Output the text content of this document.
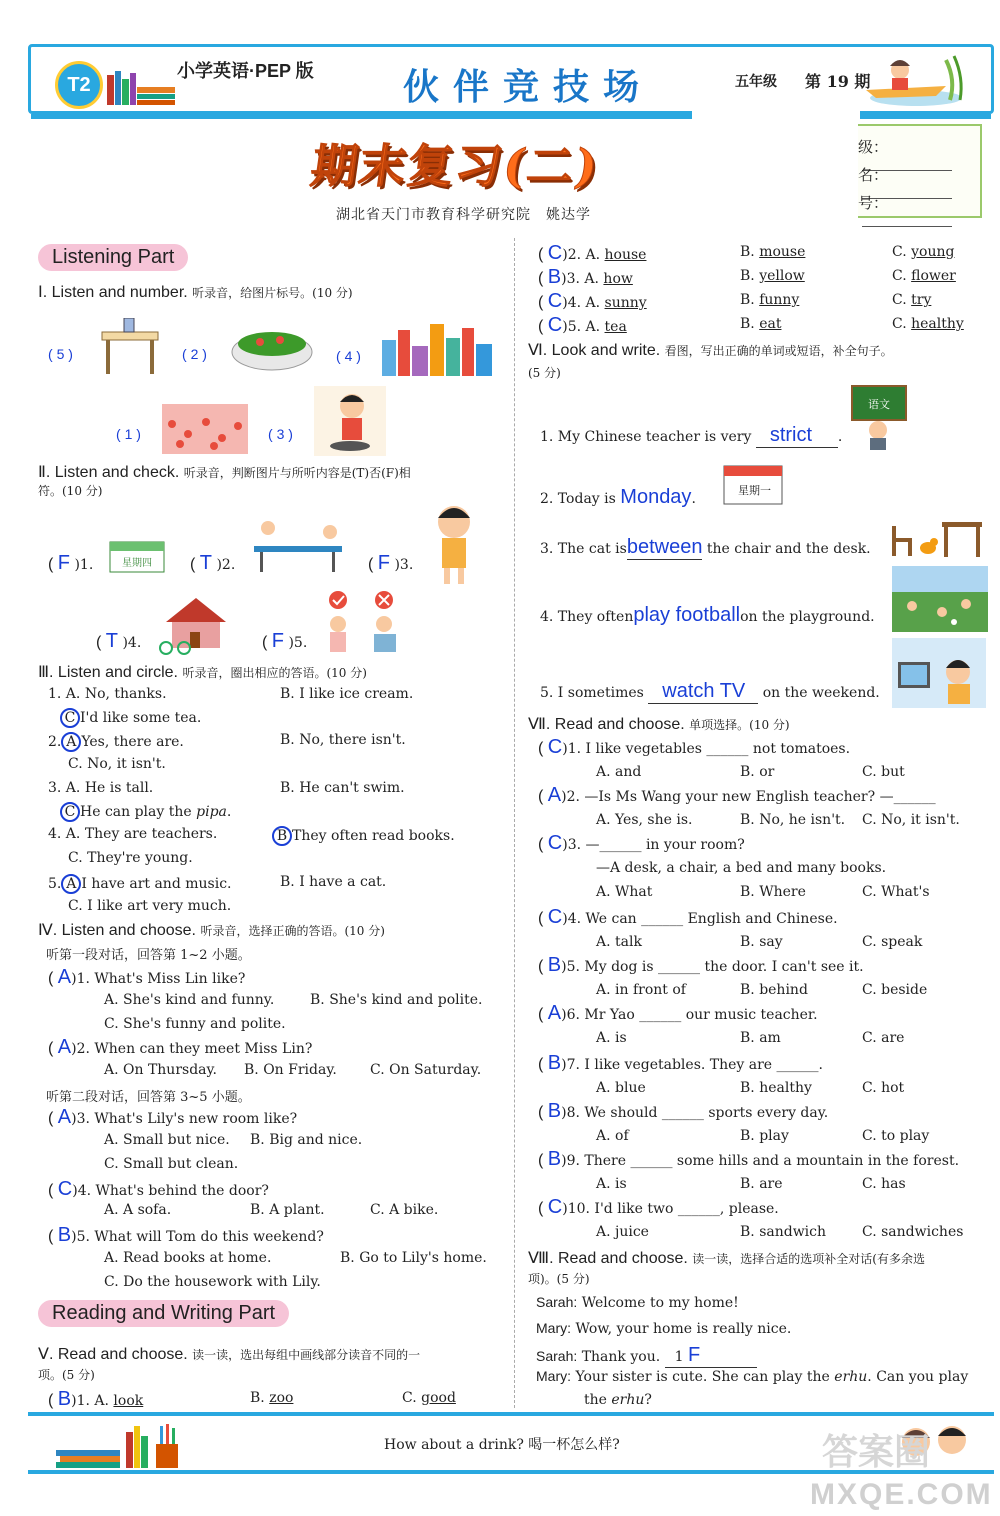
T2
小学英语·PEP 版 伙伴竞技场	五年级 第 19 期
期末复习(二)
湖北省天门市教育科学研究院　姚达学
级：
名：
号：
Listening Part
Ⅰ. Listen and number. 听录音，给图片标号。(10 分)
( 5 )	( 2 )	( 4 )
( 1 )	( 3 )
Ⅱ. Listen and check. 听录音，判断图片与所听内容是(T)否(F)相
符。(10 分)
( F )1.	星期四 ( T )2.	( F )3.
( T )4.	( F )5.
Ⅲ. Listen and circle. 听录音，圈出相应的答语。(10 分)
1. A. No, thanks.	B. I like ice cream.
C I'd like some tea.
2. A Yes, there are.	B. No, there isn't.
C. No, it isn't.
3. A. He is tall.	B. He can't swim.
C He can play the pipa.
4. A. They are teachers.	B They often read books.
C. They're young.
5. A I have art and music.	B. I have a cat.
C. I like art very much.
Ⅳ. Listen and choose. 听录音，选择正确的答语。(10 分)
听第一段对话，回答第 1~2 小题。
( A)1. What's Miss Lin like?
A. She's kind and funny.	B. She's kind and polite.
C. She's funny and polite.
( A)2. When can they meet Miss Lin?
A. On Thursday. B. On Friday. C. On Saturday.
听第二段对话，回答第 3~5 小题。
( A)3. What's Lily's new room like?
A. Small but nice. B. Big and nice.
C. Small but clean.
( C)4. What's behind the door?
A. A sofa.	B. A plant.	C. A bike.
( B)5. What will Tom do this weekend?
A. Read books at home.	B. Go to Lily's home.
C. Do the housework with Lily.
Reading and Writing Part
Ⅴ. Read and choose. 读一读，选出每组中画线部分读音不同的一
项。(5 分)
( B)1. A. look	B. zoo	C. good
( C)2. A. house	B. mouse	C. young
( B)3. A. how	B. yellow	C. flower
( C)4. A. sunny	B. funny	C. try
( C)5. A. tea	B. eat	C. healthy
Ⅵ. Look and write. 看图，写出正确的单词或短语，补全句子。
(5 分)
1. My Chinese teacher is very strict .
语文
2. Today is Monday.
星期一
3. The cat isbetween the chair and the desk.
4. They oftenplay footballon the playground.
5. I sometimes watch TV on the weekend.
Ⅶ. Read and choose. 单项选择。(10 分)
( C)1. I like vegetables ______ not tomatoes.
A. and	B. or	C. but
( A)2. —Is Ms Wang your new English teacher? —______
A. Yes, she is.	B. No, he isn't. C. No, it isn't.
( C)3. —______ in your room?
—A desk, a chair, a bed and many books.
A. What	B. Where	C. What's
( C)4. We can ______ English and Chinese.
A. talk	B. say	C. speak
( B)5. My dog is ______ the door. I can't see it.
A. in front of	B. behind	C. beside
( A)6. Mr Yao ______ our music teacher.
A. is	B. am	C. are
( B)7. I like vegetables. They are ______.
A. blue	B. healthy	C. hot
( B)8. We should ______ sports every day.
A. of	B. play	C. to play
( B)9. There ______ some hills and a mountain in the forest.
A. is	B. are	C. has
( C)10. I'd like two ______, please.
A. juice	B. sandwich	C. sandwiches
Ⅷ. Read and choose. 读一读，选择合适的选项补全对话(有多余选
项)。(5 分)
Sarah: Welcome to my home!
Mary: Wow, your home is really nice.
Sarah: Thank you. 1 F
Mary: Your sister is cute. She can play the erhu. Can you play
the erhu?
How about a drink? 喝一杯怎么样?	答案圈
MXQE.COM
